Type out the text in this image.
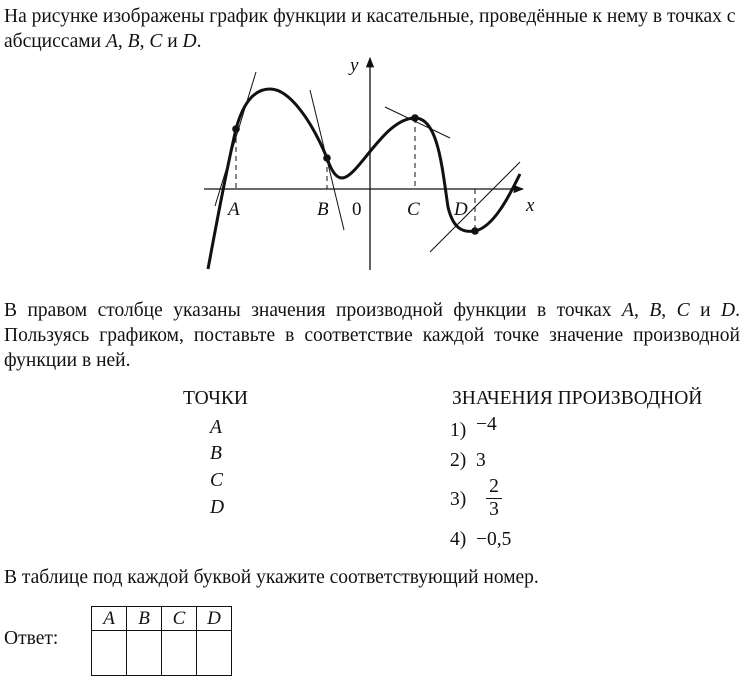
На рисунке изображены график функции и касательные, проведённые к нему в точках с абсциссами A, B, C и D.

y
x
0
A	B	C D

В правом столбце указаны значения производной функции в точках A, B, C и D. Пользуясь графиком, поставьте в соответствие каждой точке значение производной функции в ней.

ТОЧКИ	ЗНАЧЕНИЯ ПРОИЗВОДНОЙ
A
B
C
D
1) −4
2) 3
3)
2
3
4) −0,5

В таблице под каждой буквой укажите соответствующий номер.

Ответ:
A	B	C	D
